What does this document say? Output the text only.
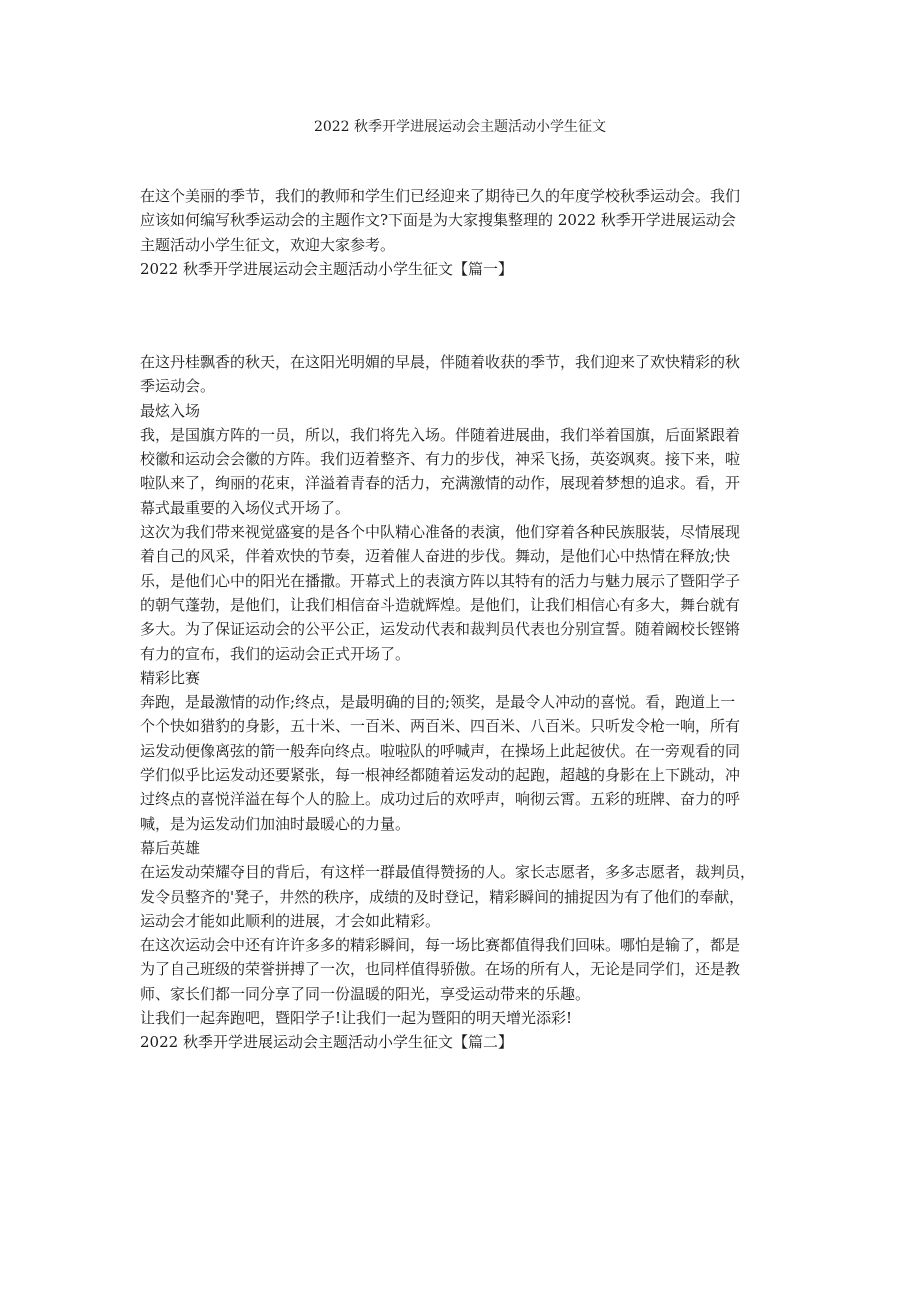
2022 秋季开学进展运动会主题活动小学生征文

在这个美丽的季节，我们的教师和学生们已经迎来了期待已久的年度学校秋季运动会。我们
应该如何编写秋季运动会的主题作文?下面是为大家搜集整理的 2022 秋季开学进展运动会
主题活动小学生征文，欢迎大家参考。

2022 秋季开学进展运动会主题活动小学生征文【篇一】

在这丹桂飘香的秋天，在这阳光明媚的早晨，伴随着收获的季节，我们迎来了欢快精彩的秋
季运动会。

最炫入场

我，是国旗方阵的一员，所以，我们将先入场。伴随着进展曲，我们举着国旗，后面紧跟着
校徽和运动会会徽的方阵。我们迈着整齐、有力的步伐，神采飞扬，英姿飒爽。接下来，啦
啦队来了，绚丽的花束，洋溢着青春的活力，充满激情的动作，展现着梦想的追求。看，开
幕式最重要的入场仪式开场了。

这次为我们带来视觉盛宴的是各个中队精心准备的表演，他们穿着各种民族服装，尽情展现
着自己的风采，伴着欢快的节奏，迈着催人奋进的步伐。舞动，是他们心中热情在释放;快
乐，是他们心中的阳光在播撒。开幕式上的表演方阵以其特有的活力与魅力展示了暨阳学子
的朝气蓬勃，是他们，让我们相信奋斗造就辉煌。是他们，让我们相信心有多大，舞台就有
多大。为了保证运动会的公平公正，运发动代表和裁判员代表也分别宣誓。随着阚校长铿锵
有力的宣布，我们的运动会正式开场了。

精彩比赛

奔跑，是最激情的动作;终点，是最明确的目的;领奖，是最令人冲动的喜悦。看，跑道上一
个个快如猎豹的身影，五十米、一百米、两百米、四百米、八百米。只听发令枪一响，所有
运发动便像离弦的箭一般奔向终点。啦啦队的呼喊声，在操场上此起彼伏。在一旁观看的同
学们似乎比运发动还要紧张，每一根神经都随着运发动的起跑，超越的身影在上下跳动，冲
过终点的喜悦洋溢在每个人的脸上。成功过后的欢呼声，响彻云霄。五彩的班牌、奋力的呼
喊，是为运发动们加油时最暖心的力量。

幕后英雄

在运发动荣耀夺目的背后，有这样一群最值得赞扬的人。家长志愿者，多多志愿者，裁判员，
发令员整齐的'凳子，井然的秩序，成绩的及时登记，精彩瞬间的捕捉因为有了他们的奉献，
运动会才能如此顺利的进展，才会如此精彩。

在这次运动会中还有许许多多的精彩瞬间，每一场比赛都值得我们回味。哪怕是输了，都是
为了自己班级的荣誉拼搏了一次，也同样值得骄傲。在场的所有人，无论是同学们，还是教
师、家长们都一同分享了同一份温暖的阳光，享受运动带来的乐趣。

让我们一起奔跑吧，暨阳学子!让我们一起为暨阳的明天增光添彩!

2022 秋季开学进展运动会主题活动小学生征文【篇二】
